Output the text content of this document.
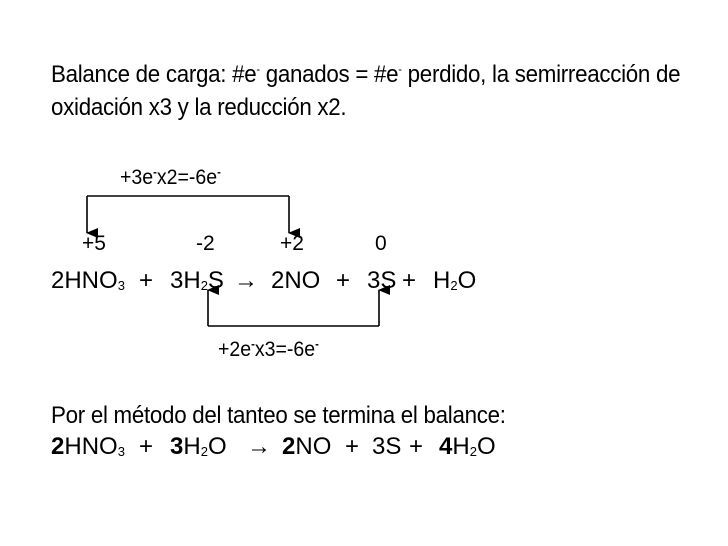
Balance de carga: #e- ganados = #e- perdido, la semirreacción de
oxidación x3 y la reducción x2.
+3e-x2=-6e-
+5	-2	+2	0
2HNO3 + 3H2S → 2NO + 3S + H2O
+2e-x3=-6e-
Por el método del tanteo se termina el balance:
2HNO3 + 3H2O → 2NO + 3S + 4H2O
